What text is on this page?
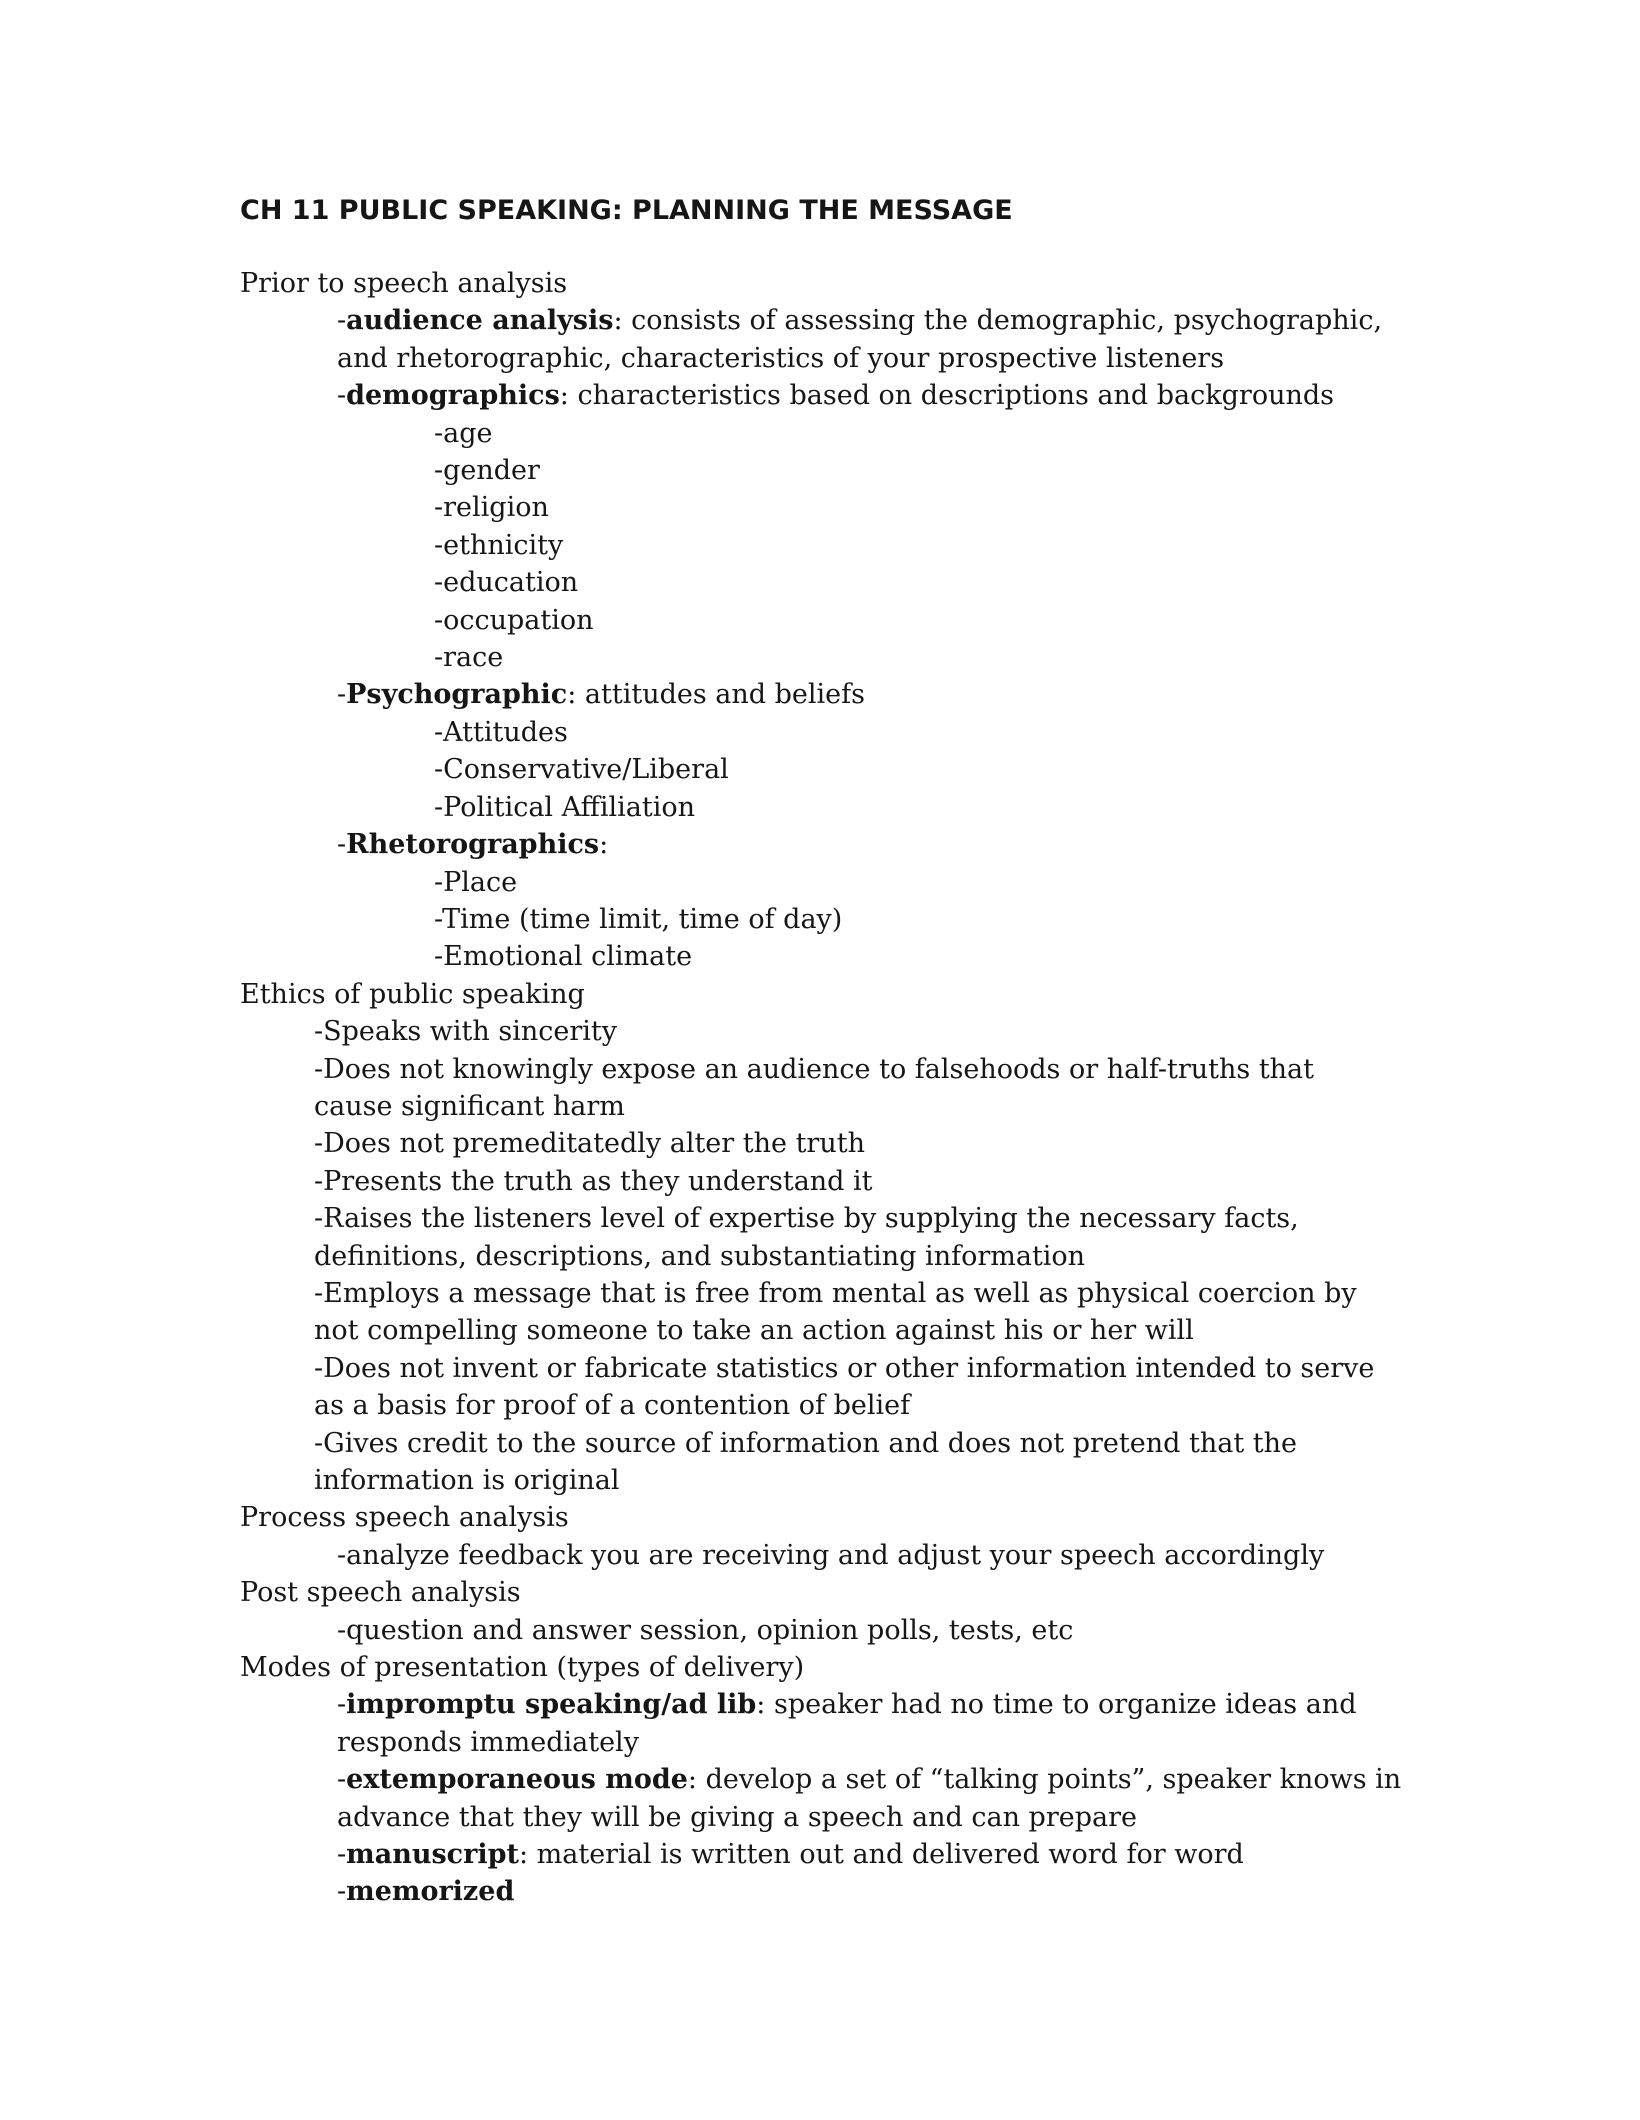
CH 11 PUBLIC SPEAKING: PLANNING THE MESSAGE
Prior to speech analysis
-audience analysis: consists of assessing the demographic, psychographic,
and rhetorographic, characteristics of your prospective listeners
-demographics: characteristics based on descriptions and backgrounds
-age
-gender
-religion
-ethnicity
-education
-occupation
-race
-Psychographic: attitudes and beliefs
-Attitudes
-Conservative/Liberal
-Political Affiliation
-Rhetorographics:
-Place
-Time (time limit, time of day)
-Emotional climate
Ethics of public speaking
-Speaks with sincerity
-Does not knowingly expose an audience to falsehoods or half-truths that
cause significant harm
-Does not premeditatedly alter the truth
-Presents the truth as they understand it
-Raises the listeners level of expertise by supplying the necessary facts,
definitions, descriptions, and substantiating information
-Employs a message that is free from mental as well as physical coercion by
not compelling someone to take an action against his or her will
-Does not invent or fabricate statistics or other information intended to serve
as a basis for proof of a contention of belief
-Gives credit to the source of information and does not pretend that the
information is original
Process speech analysis
-analyze feedback you are receiving and adjust your speech accordingly
Post speech analysis
-question and answer session, opinion polls, tests, etc
Modes of presentation (types of delivery)
-impromptu speaking/ad lib: speaker had no time to organize ideas and
responds immediately
-extemporaneous mode: develop a set of “talking points”, speaker knows in
advance that they will be giving a speech and can prepare
-manuscript: material is written out and delivered word for word
-memorized
